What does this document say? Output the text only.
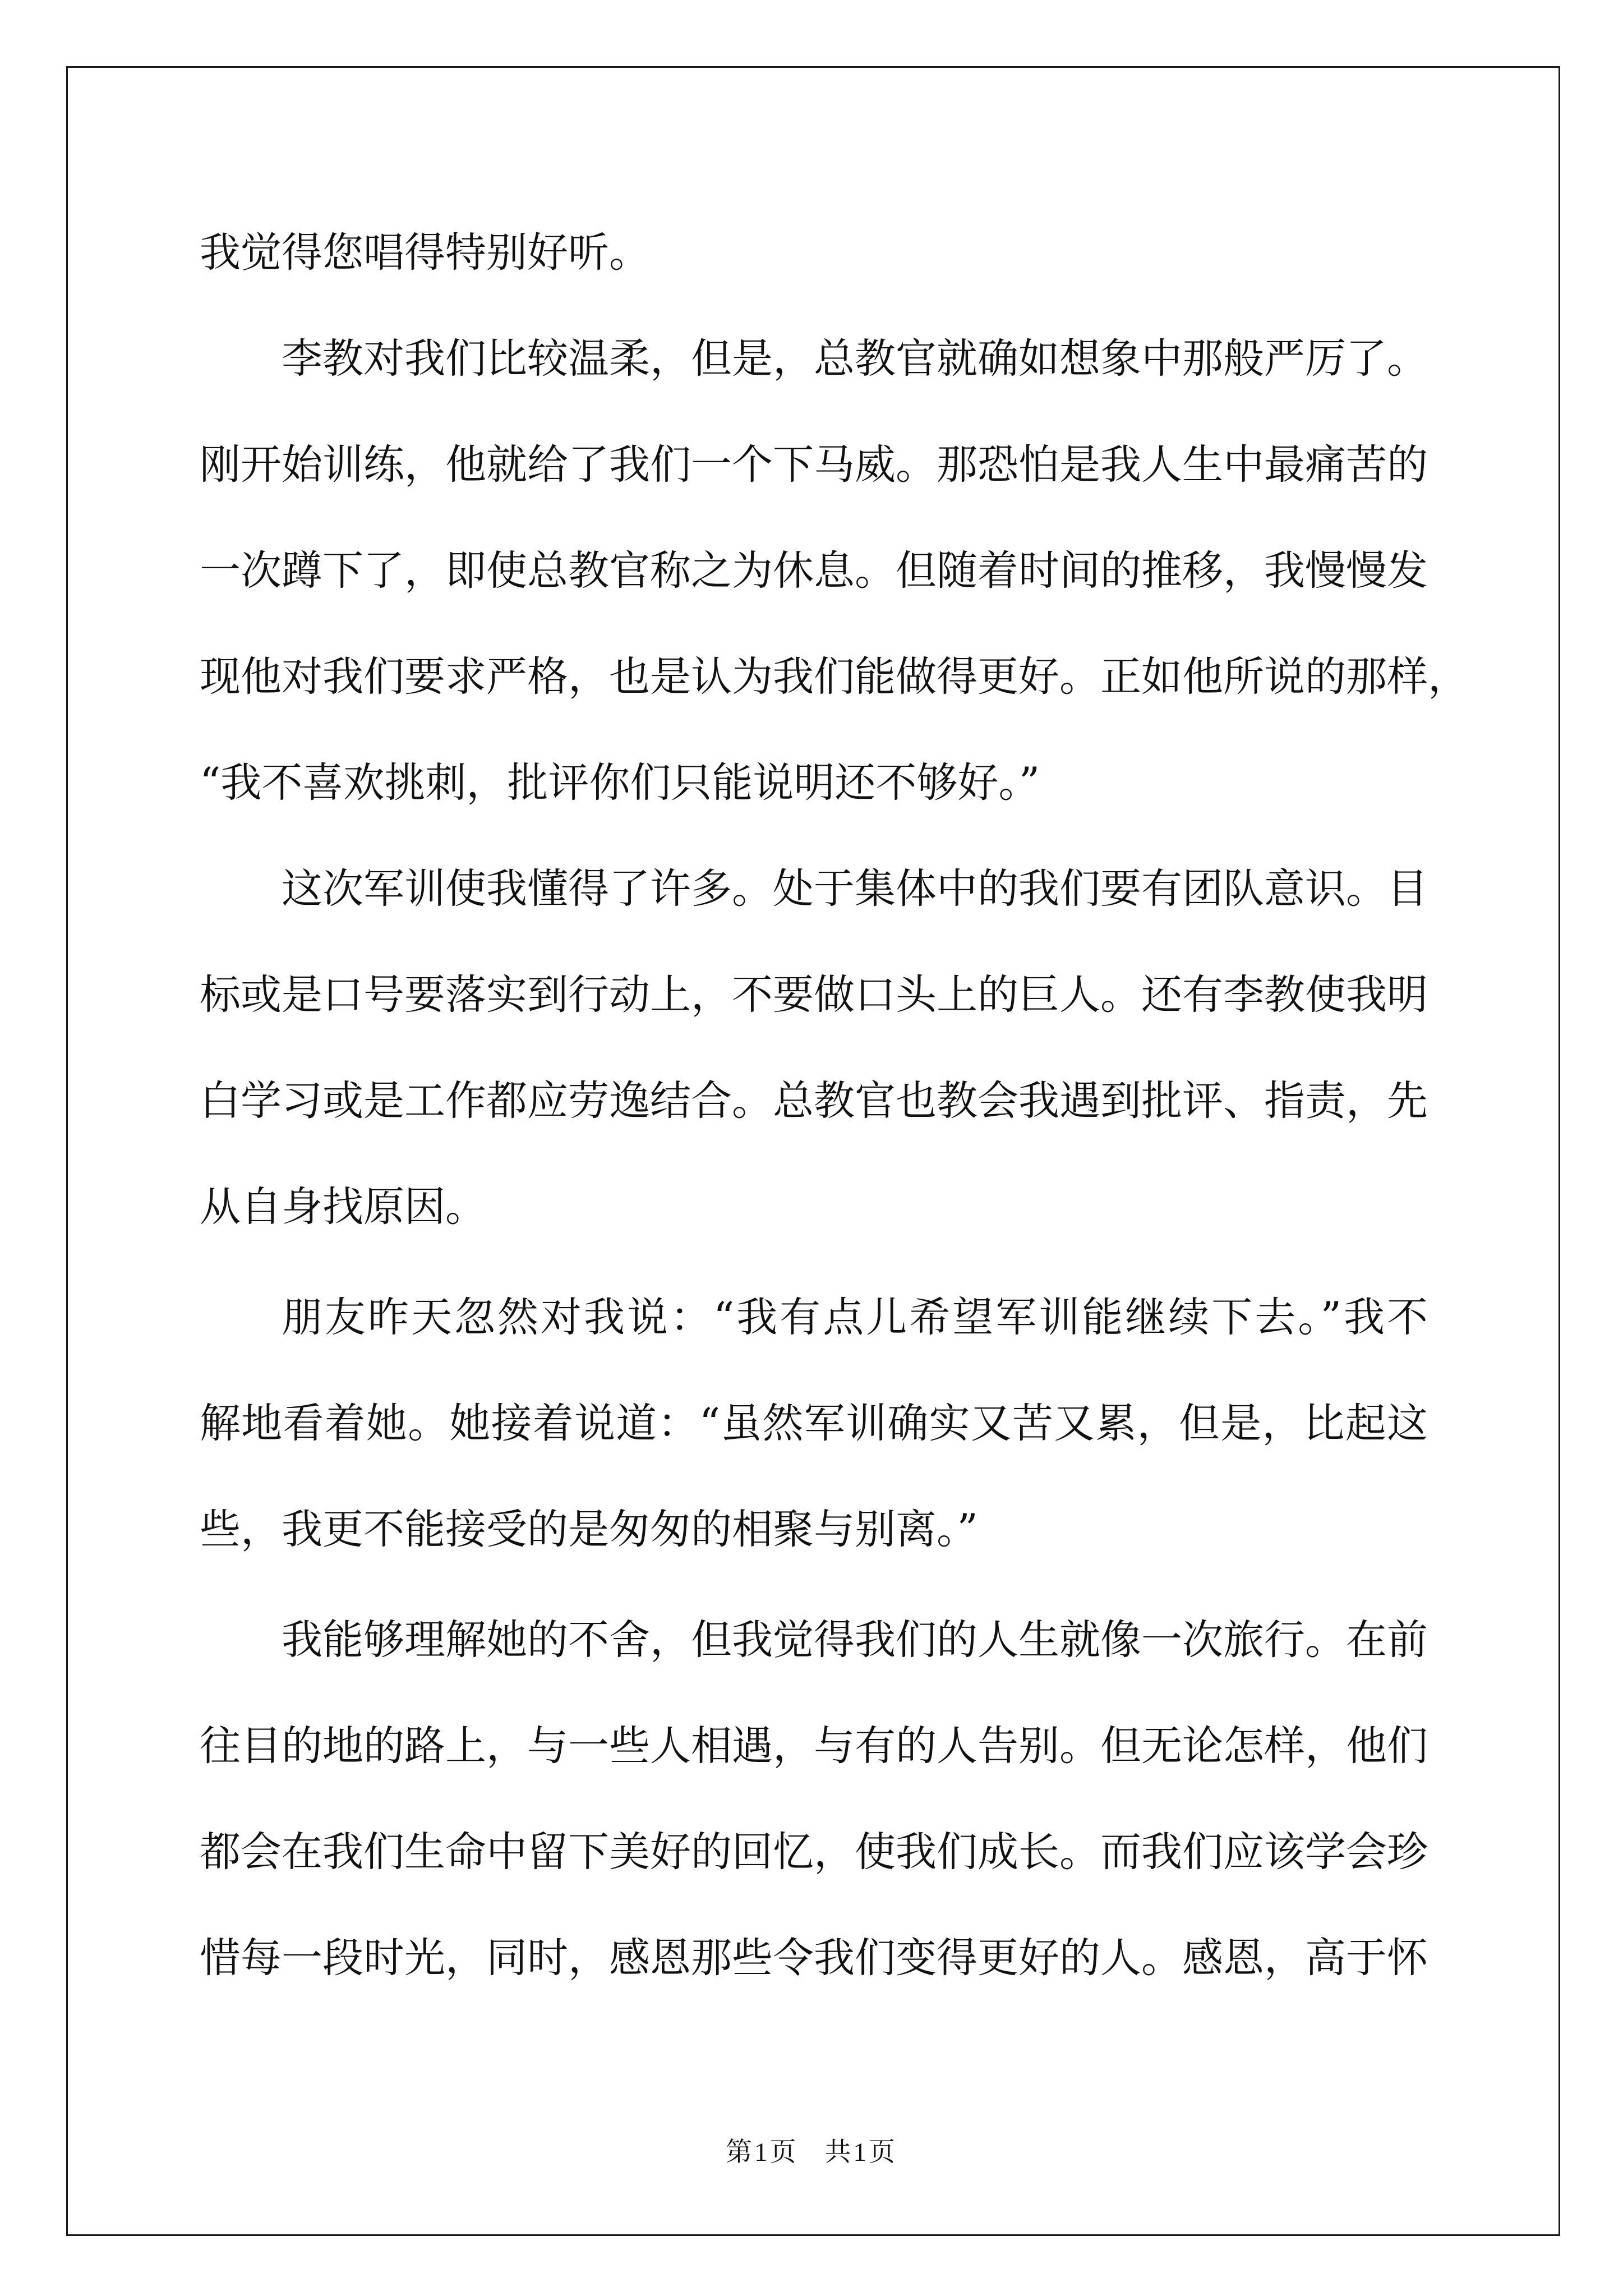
我觉得您唱得特别好听。
李教对我们比较温柔，但是，总教官就确如想象中那般严厉了。
刚开始训练，他就给了我们一个下马威。那恐怕是我人生中最痛苦的
一次蹲下了，即使总教官称之为休息。但随着时间的推移，我慢慢发
现他对我们要求严格，也是认为我们能做得更好。正如他所说的那样，
“我不喜欢挑刺，批评你们只能说明还不够好。”
这次军训使我懂得了许多。处于集体中的我们要有团队意识。目
标或是口号要落实到行动上，不要做口头上的巨人。还有李教使我明
白学习或是工作都应劳逸结合。总教官也教会我遇到批评、指责，先
从自身找原因。
朋友昨天忽然对我说：“我有点儿希望军训能继续下去。”我不
解地看着她。她接着说道：“虽然军训确实又苦又累，但是，比起这
些，我更不能接受的是匆匆的相聚与别离。”
我能够理解她的不舍，但我觉得我们的人生就像一次旅行。在前
往目的地的路上，与一些人相遇，与有的人告别。但无论怎样，他们
都会在我们生命中留下美好的回忆，使我们成长。而我们应该学会珍
惜每一段时光，同时，感恩那些令我们变得更好的人。感恩，高于怀
第1页 共1页
